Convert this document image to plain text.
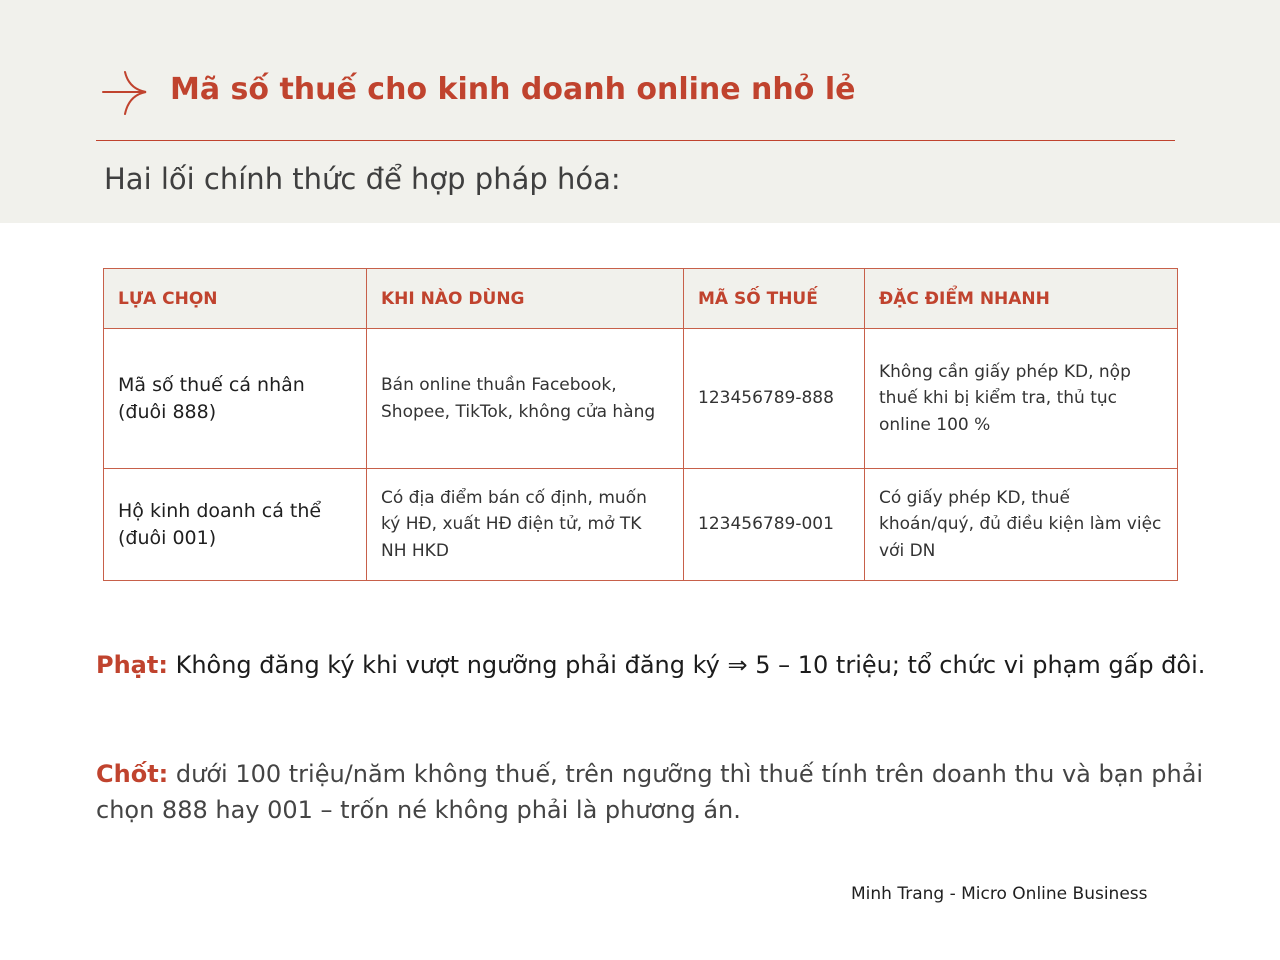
Mã số thuế cho kinh doanh online nhỏ lẻ
Hai lối chính thức để hợp pháp hóa:
LỰA CHỌN	KHI NÀO DÙNG	MÃ SỐ THUẾ	ĐẶC ĐIỂM NHANH
Mã số thuế cá nhân (đuôi 888)	Bán online thuần Facebook, Shopee, TikTok, không cửa hàng	123456789-888	Không cần giấy phép KD, nộp thuế khi bị kiểm tra, thủ tục online 100 %
Hộ kinh doanh cá thể (đuôi 001)	Có địa điểm bán cố định, muốn ký HĐ, xuất HĐ điện tử, mở TK NH HKD	123456789-001	Có giấy phép KD, thuế khoán/quý, đủ điều kiện làm việc với DN
Phạt: Không đăng ký khi vượt ngưỡng phải đăng ký ⇒ 5 – 10 triệu; tổ chức vi phạm gấp đôi.
Chốt: dưới 100 triệu/năm không thuế, trên ngưỡng thì thuế tính trên doanh thu và bạn phải chọn 888 hay 001 – trốn né không phải là phương án.
Minh Trang - Micro Online Business
